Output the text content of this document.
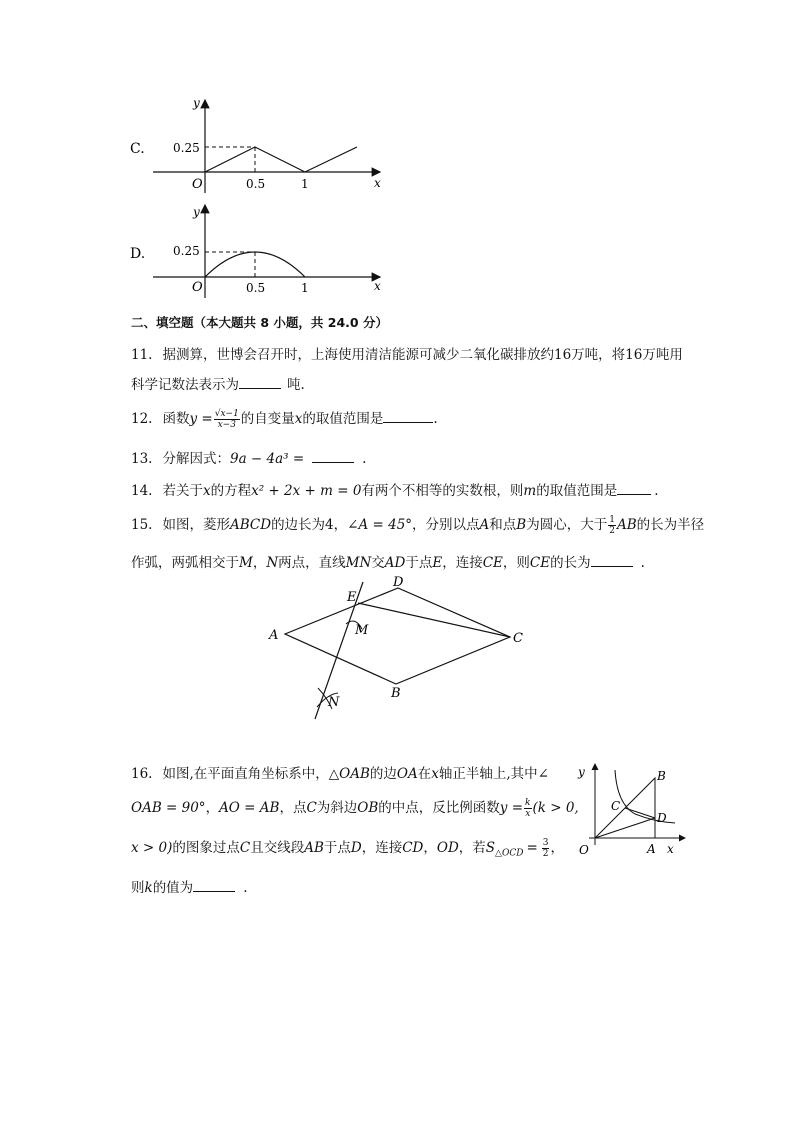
C.
y
x
O
0.25
0.5	1
D.
y
x
O
0.25
0.5	1
二、填空题（本大题共 8 小题，共 24.0 分）
11. 据测算，世博会召开时，上海使用清洁能源可减少二氧化碳排放约16万吨，将16万吨用
科学记数法表示为	吨.
12. 函数$y = \frac{√x-1}{x-3}$ 的自变量x的取值范围是	.
13. 分解因式：9a − 4a³ =	.
14. 若关于x的方程x² + 2x + m = 0有两个不相等的实数根，则m的取值范围是	.
15. 如图，菱形ABCD的边长为4，∠A = 45°，分别以点A和点B为圆心，大于 $\frac{1}{2}$ AB的长为半径
作弧，两弧相交于M，N两点，直线MN交AD于点E，连接CE，则CE的长为	.
A
B
C
D
E
M
N
16. 如图,在平面直角坐标系中，△OAB的边OA在x轴正半轴上,其中∠
OAB = 90°，AO = AB，点C为斜边OB的中点，反比例函数$y = \frac{k}{x} (k > 0$,
x > 0)的图象过点C且交线段AB于点D，连接CD，OD，若$S_{\triangle OCD} = \frac{3}{2}$ ，
则k的值为	.
y
x
O	A
B
C
D
